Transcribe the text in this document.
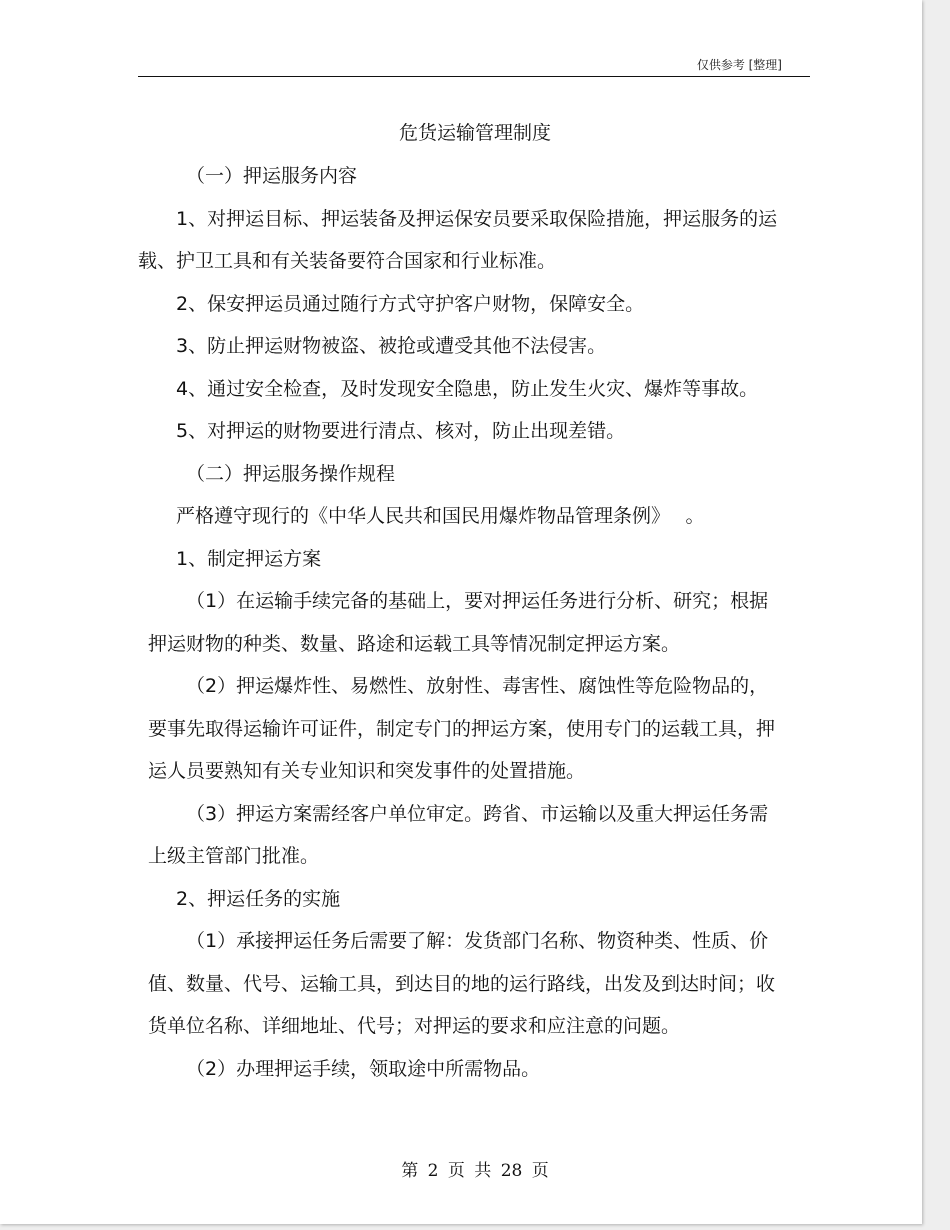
仅供参考 [整理]
危货运输管理制度

（一）押运服务内容

1、对押运目标、押运装备及押运保安员要采取保险措施，押运服务的运载、护卫工具和有关装备要符合国家和行业标准。

2、保安押运员通过随行方式守护客户财物，保障安全。

3、防止押运财物被盗、被抢或遭受其他不法侵害。

4、通过安全检查，及时发现安全隐患，防止发生火灾、爆炸等事故。

5、对押运的财物要进行清点、核对，防止出现差错。

（二）押运服务操作规程

严格遵守现行的《中华人民共和国民用爆炸物品管理条例》　 。

1、制定押运方案

（1）在运输手续完备的基础上，要对押运任务进行分析、研究；根据押运财物的种类、数量、路途和运载工具等情况制定押运方案。

（2）押运爆炸性、易燃性、放射性、毒害性、腐蚀性等危险物品的，要事先取得运输许可证件，制定专门的押运方案，使用专门的运载工具，押运人员要熟知有关专业知识和突发事件的处置措施。

（3）押运方案需经客户单位审定。跨省、市运输以及重大押运任务需上级主管部门批准。

2、押运任务的实施

（1）承接押运任务后需要了解：发货部门名称、物资种类、性质、价值、数量、代号、运输工具，到达目的地的运行路线，出发及到达时间；收货单位名称、详细地址、代号；对押运的要求和应注意的问题。

（2）办理押运手续，领取途中所需物品。

第 2 页 共 28 页
